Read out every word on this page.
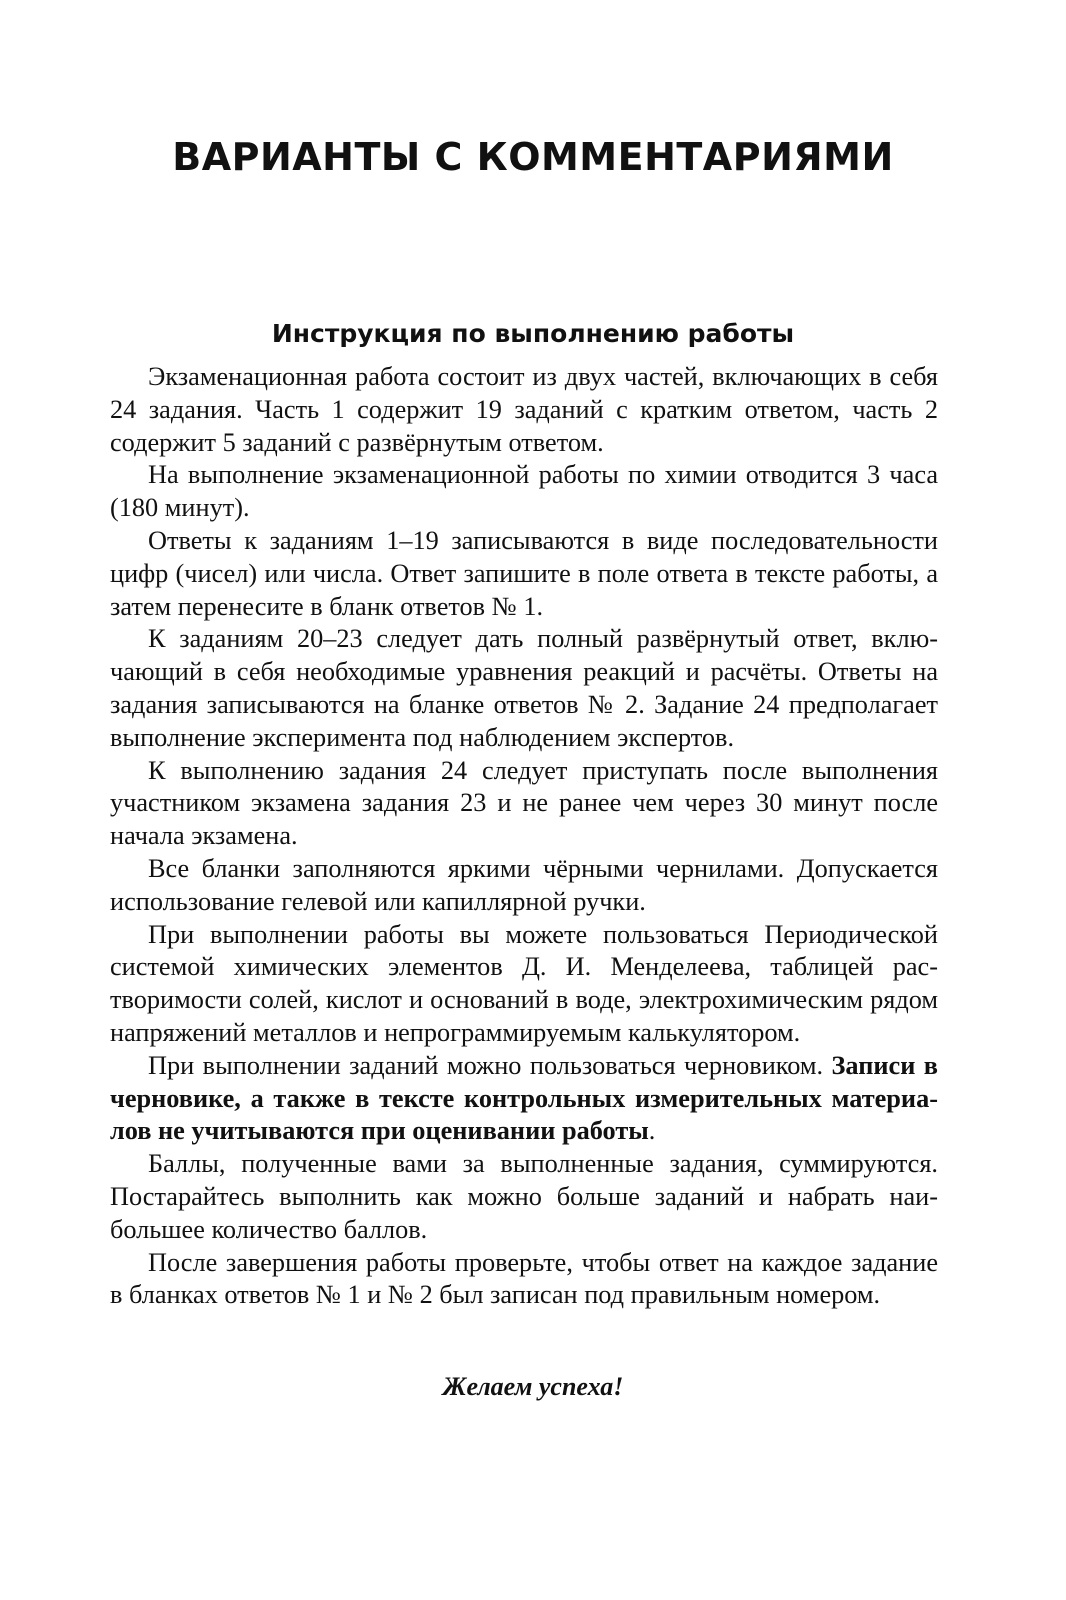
ВАРИАНТЫ С КОММЕНТАРИЯМИ
Инструкция по выполнению работы

Экзаменационная работа состоит из двух частей, включающих в себя 24 задания. Часть 1 содержит 19 заданий с кратким ответом, часть 2 содержит 5 заданий с развёрнутым ответом.

На выполнение экзаменационной работы по химии отводится 3 часа (180 минут).

Ответы к заданиям 1–19 записываются в виде последовательности цифр (чисел) или числа. Ответ запишите в поле ответа в тексте работы, а затем перенесите в бланк ответов № 1.

К заданиям 20–23 следует дать полный развёрнутый ответ, включающий в себя необходимые уравнения реакций и расчёты. Ответы на задания записываются на бланке ответов № 2. Задание 24 предполагает выполнение эксперимента под наблюдением экспертов.

К выполнению задания 24 следует приступать после выполнения участником экзамена задания 23 и не ранее чем через 30 минут после начала экзамена.

Все бланки заполняются яркими чёрными чернилами. Допускается использование гелевой или капиллярной ручки.

При выполнении работы вы можете пользоваться Периодической системой химических элементов Д. И. Менделеева, таблицей растворимости солей, кислот и оснований в воде, электрохимическим рядом напряжений металлов и непрограммируемым калькулятором.

При выполнении заданий можно пользоваться черновиком. Записи в черновике, а также в тексте контрольных измерительных материалов не учитываются при оценивании работы.

Баллы, полученные вами за выполненные задания, суммируются. Постарайтесь выполнить как можно больше заданий и набрать наибольшее количество баллов.

После завершения работы проверьте, чтобы ответ на каждое задание в бланках ответов № 1 и № 2 был записан под правильным номером.

Желаем успеха!
